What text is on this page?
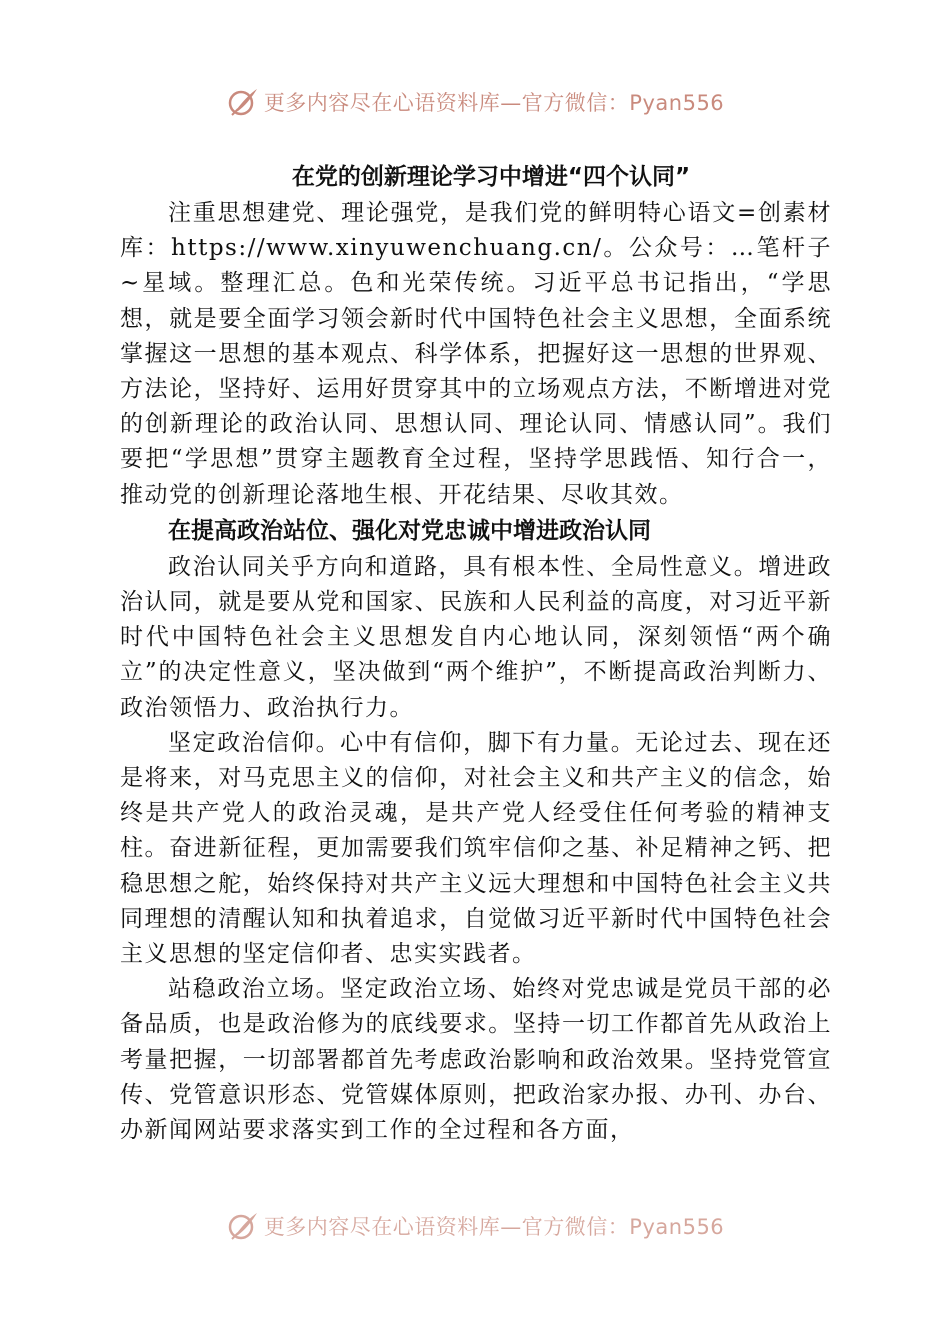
更多内容尽在心语资料库—官方微信：Pyan556
在党的创新理论学习中增进“四个认同”

注重思想建党、理论强党，是我们党的鲜明特心语文=创素材库：https://www.xinyuwenchuang.cn/。公众号：…笔杆子~星域。整理汇总。色和光荣传统。习近平总书记指出，“学思想，就是要全面学习领会新时代中国特色社会主义思想，全面系统掌握这一思想的基本观点、科学体系，把握好这一思想的世界观、方法论，坚持好、运用好贯穿其中的立场观点方法，不断增进对党的创新理论的政治认同、思想认同、理论认同、情感认同”。我们要把“学思想”贯穿主题教育全过程，坚持学思践悟、知行合一，推动党的创新理论落地生根、开花结果、尽收其效。

在提高政治站位、强化对党忠诚中增进政治认同

政治认同关乎方向和道路，具有根本性、全局性意义。增进政治认同，就是要从党和国家、民族和人民利益的高度，对习近平新时代中国特色社会主义思想发自内心地认同，深刻领悟“两个确立”的决定性意义，坚决做到“两个维护”，不断提高政治判断力、政治领悟力、政治执行力。

坚定政治信仰。心中有信仰，脚下有力量。无论过去、现在还是将来，对马克思主义的信仰，对社会主义和共产主义的信念，始终是共产党人的政治灵魂，是共产党人经受住任何考验的精神支柱。奋进新征程，更加需要我们筑牢信仰之基、补足精神之钙、把稳思想之舵，始终保持对共产主义远大理想和中国特色社会主义共同理想的清醒认知和执着追求，自觉做习近平新时代中国特色社会主义思想的坚定信仰者、忠实实践者。

站稳政治立场。坚定政治立场、始终对党忠诚是党员干部的必备品质，也是政治修为的底线要求。坚持一切工作都首先从政治上考量把握，一切部署都首先考虑政治影响和政治效果。坚持党管宣传、党管意识形态、党管媒体原则，把政治家办报、办刊、办台、办新闻网站要求落实到工作的全过程和各方面，

更多内容尽在心语资料库—官方微信：Pyan556
